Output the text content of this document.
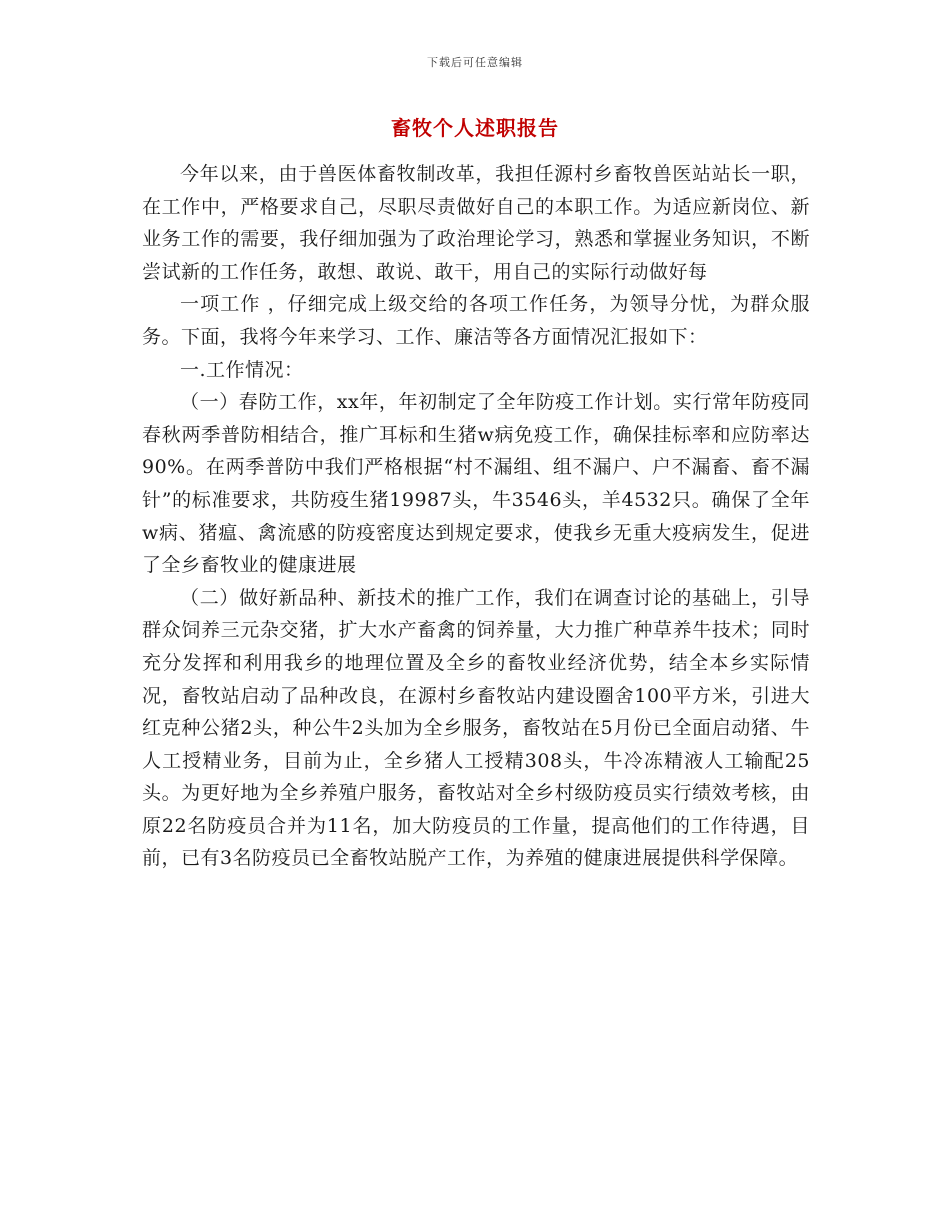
下载后可任意编辑
畜牧个人述职报告

今年以来，由于兽医体畜牧制改革，我担任源村乡畜牧兽医站站长一职，在工作中，严格要求自己，尽职尽责做好自己的本职工作。为适应新岗位、新业务工作的需要，我仔细加强为了政治理论学习，熟悉和掌握业务知识，不断尝试新的工作任务，敢想、敢说、敢干，用自己的实际行动做好每

一项工作 ，仔细完成上级交给的各项工作任务，为领导分忧，为群众服务。下面，我将今年来学习、工作、廉洁等各方面情况汇报如下：

一.工作情况：

（一）春防工作，xx年，年初制定了全年防疫工作计划。实行常年防疫同春秋两季普防相结合，推广耳标和生猪w病免疫工作，确保挂标率和应防率达90%。在两季普防中我们严格根据“村不漏组、组不漏户、户不漏畜、畜不漏针”的标准要求，共防疫生猪19987头，牛3546头，羊4532只。确保了全年w病、猪瘟、禽流感的防疫密度达到规定要求，使我乡无重大疫病发生，促进了全乡畜牧业的健康进展

（二）做好新品种、新技术的推广工作，我们在调查讨论的基础上，引导群众饲养三元杂交猪，扩大水产畜禽的饲养量，大力推广种草养牛技术；同时充分发挥和利用我乡的地理位置及全乡的畜牧业经济优势，结全本乡实际情况，畜牧站启动了品种改良，在源村乡畜牧站内建设圈舍100平方米，引进大红克种公猪2头，种公牛2头加为全乡服务，畜牧站在5月份已全面启动猪、牛人工授精业务，目前为止，全乡猪人工授精308头，牛冷冻精液人工输配25头。为更好地为全乡养殖户服务，畜牧站对全乡村级防疫员实行绩效考核，由原22名防疫员合并为11名，加大防疫员的工作量，提高他们的工作待遇，目前，已有3名防疫员已全畜牧站脱产工作，为养殖的健康进展提供科学保障。
